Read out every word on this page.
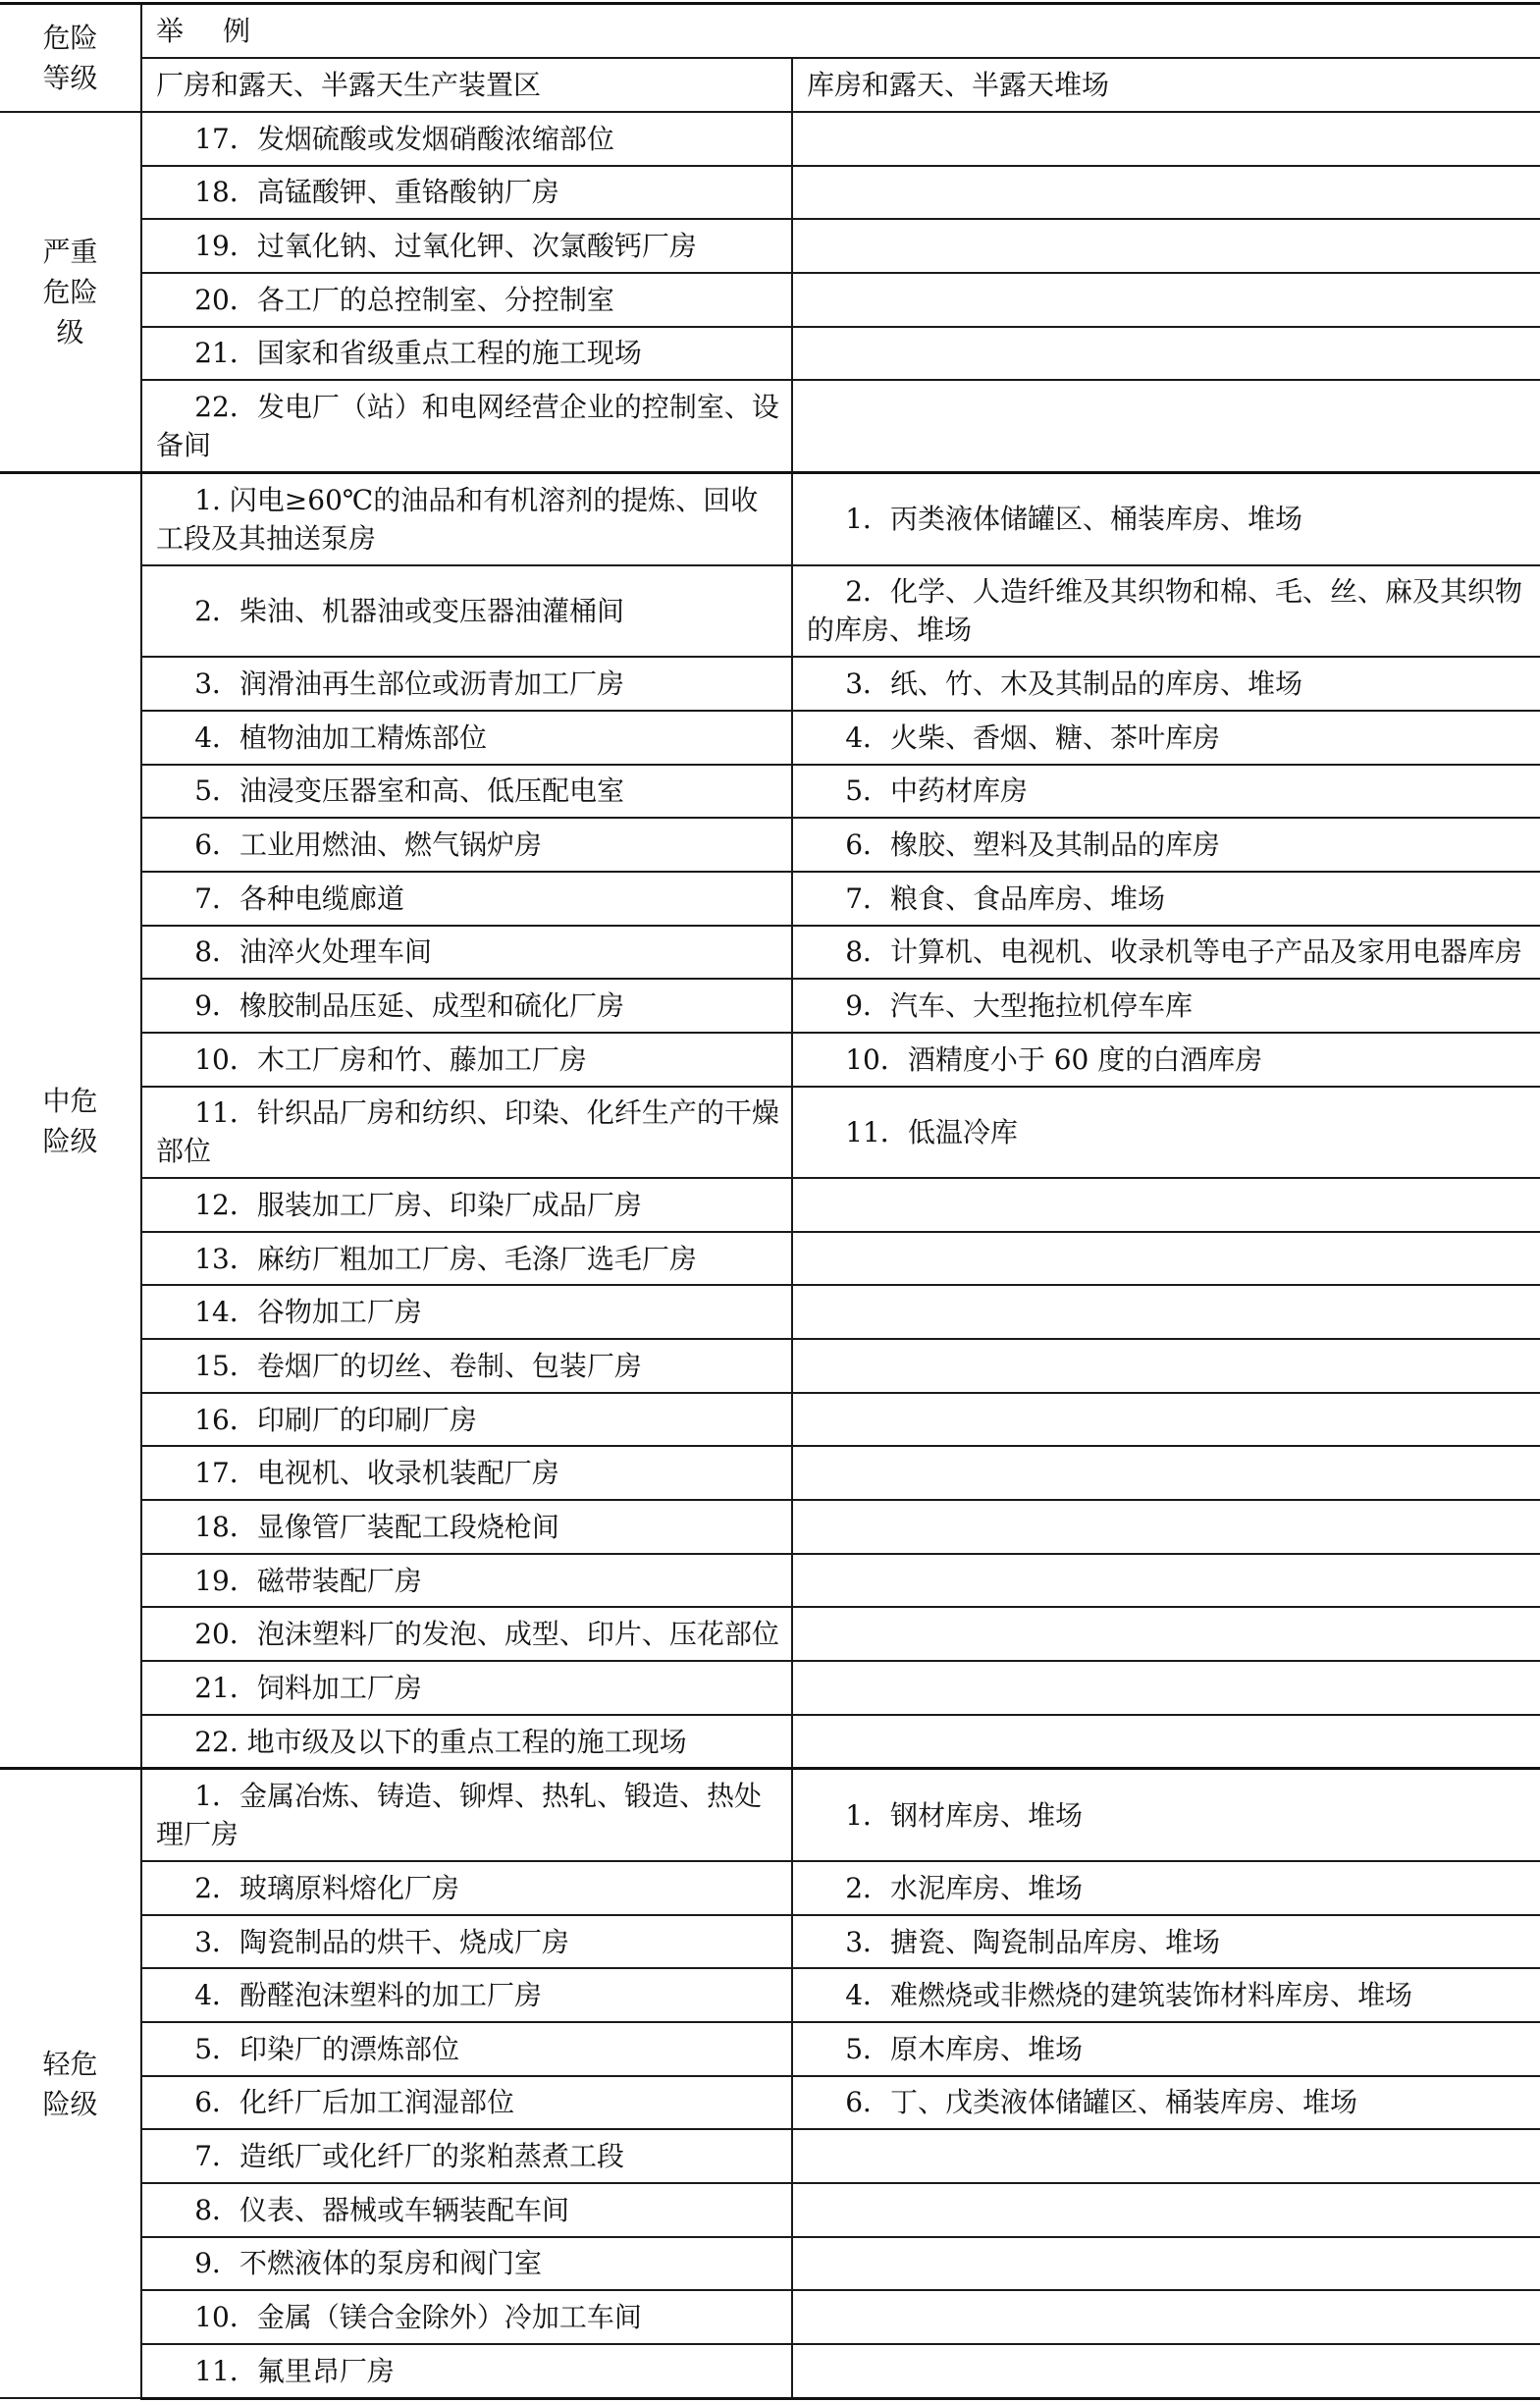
危险等级	举例	
	厂房和露天、半露天生产装置区	库房和露天、半露天堆场
严重危险级	17．发烟硫酸或发烟硝酸浓缩部位	

	18．高锰酸钾、重铬酸钠厂房	

	19．过氧化钠、过氧化钾、次氯酸钙厂房	

	20．各工厂的总控制室、分控制室	

	21．国家和省级重点工程的施工现场	

	22．发电厂（站）和电网经营企业的控制室、设备间	

中危险级	1. 闪电≥60℃的油品和有机溶剂的提炼、回收工段及其抽送泵房	1．丙类液体储罐区、桶装库房、堆场

	2．柴油、机器油或变压器油灌桶间	2．化学、人造纤维及其织物和棉、毛、丝、麻及其织物的库房、堆场

	3．润滑油再生部位或沥青加工厂房	3．纸、竹、木及其制品的库房、堆场

	4．植物油加工精炼部位	4．火柴、香烟、糖、茶叶库房

	5．油浸变压器室和高、低压配电室	5．中药材库房

	6．工业用燃油、燃气锅炉房	6．橡胶、塑料及其制品的库房

	7．各种电缆廊道	7．粮食、食品库房、堆场

	8．油淬火处理车间	8．计算机、电视机、收录机等电子产品及家用电器库房

	9．橡胶制品压延、成型和硫化厂房	9．汽车、大型拖拉机停车库

	10．木工厂房和竹、藤加工厂房	10．酒精度小于 60 度的白酒库房

	11．针织品厂房和纺织、印染、化纤生产的干燥部位	11．低温冷库

	12．服装加工厂房、印染厂成品厂房	

	13．麻纺厂粗加工厂房、毛涤厂选毛厂房	

	14．谷物加工厂房	

	15．卷烟厂的切丝、卷制、包装厂房	

	16．印刷厂的印刷厂房	

	17．电视机、收录机装配厂房	

	18．显像管厂装配工段烧枪间	

	19．磁带装配厂房	

	20．泡沫塑料厂的发泡、成型、印片、压花部位	

	21．饲料加工厂房	

	22. 地市级及以下的重点工程的施工现场	

轻危险级	1．金属冶炼、铸造、铆焊、热轧、锻造、热处理厂房	1．钢材库房、堆场

	2．玻璃原料熔化厂房	2．水泥库房、堆场

	3．陶瓷制品的烘干、烧成厂房	3．搪瓷、陶瓷制品库房、堆场

	4．酚醛泡沫塑料的加工厂房	4．难燃烧或非燃烧的建筑装饰材料库房、堆场

	5．印染厂的漂炼部位	5．原木库房、堆场

	6．化纤厂后加工润湿部位	6．丁、戊类液体储罐区、桶装库房、堆场

	7．造纸厂或化纤厂的浆粕蒸煮工段	

	8．仪表、器械或车辆装配车间	

	9．不燃液体的泵房和阀门室	

	10．金属（镁合金除外）冷加工车间	

	11．氟里昂厂房	
